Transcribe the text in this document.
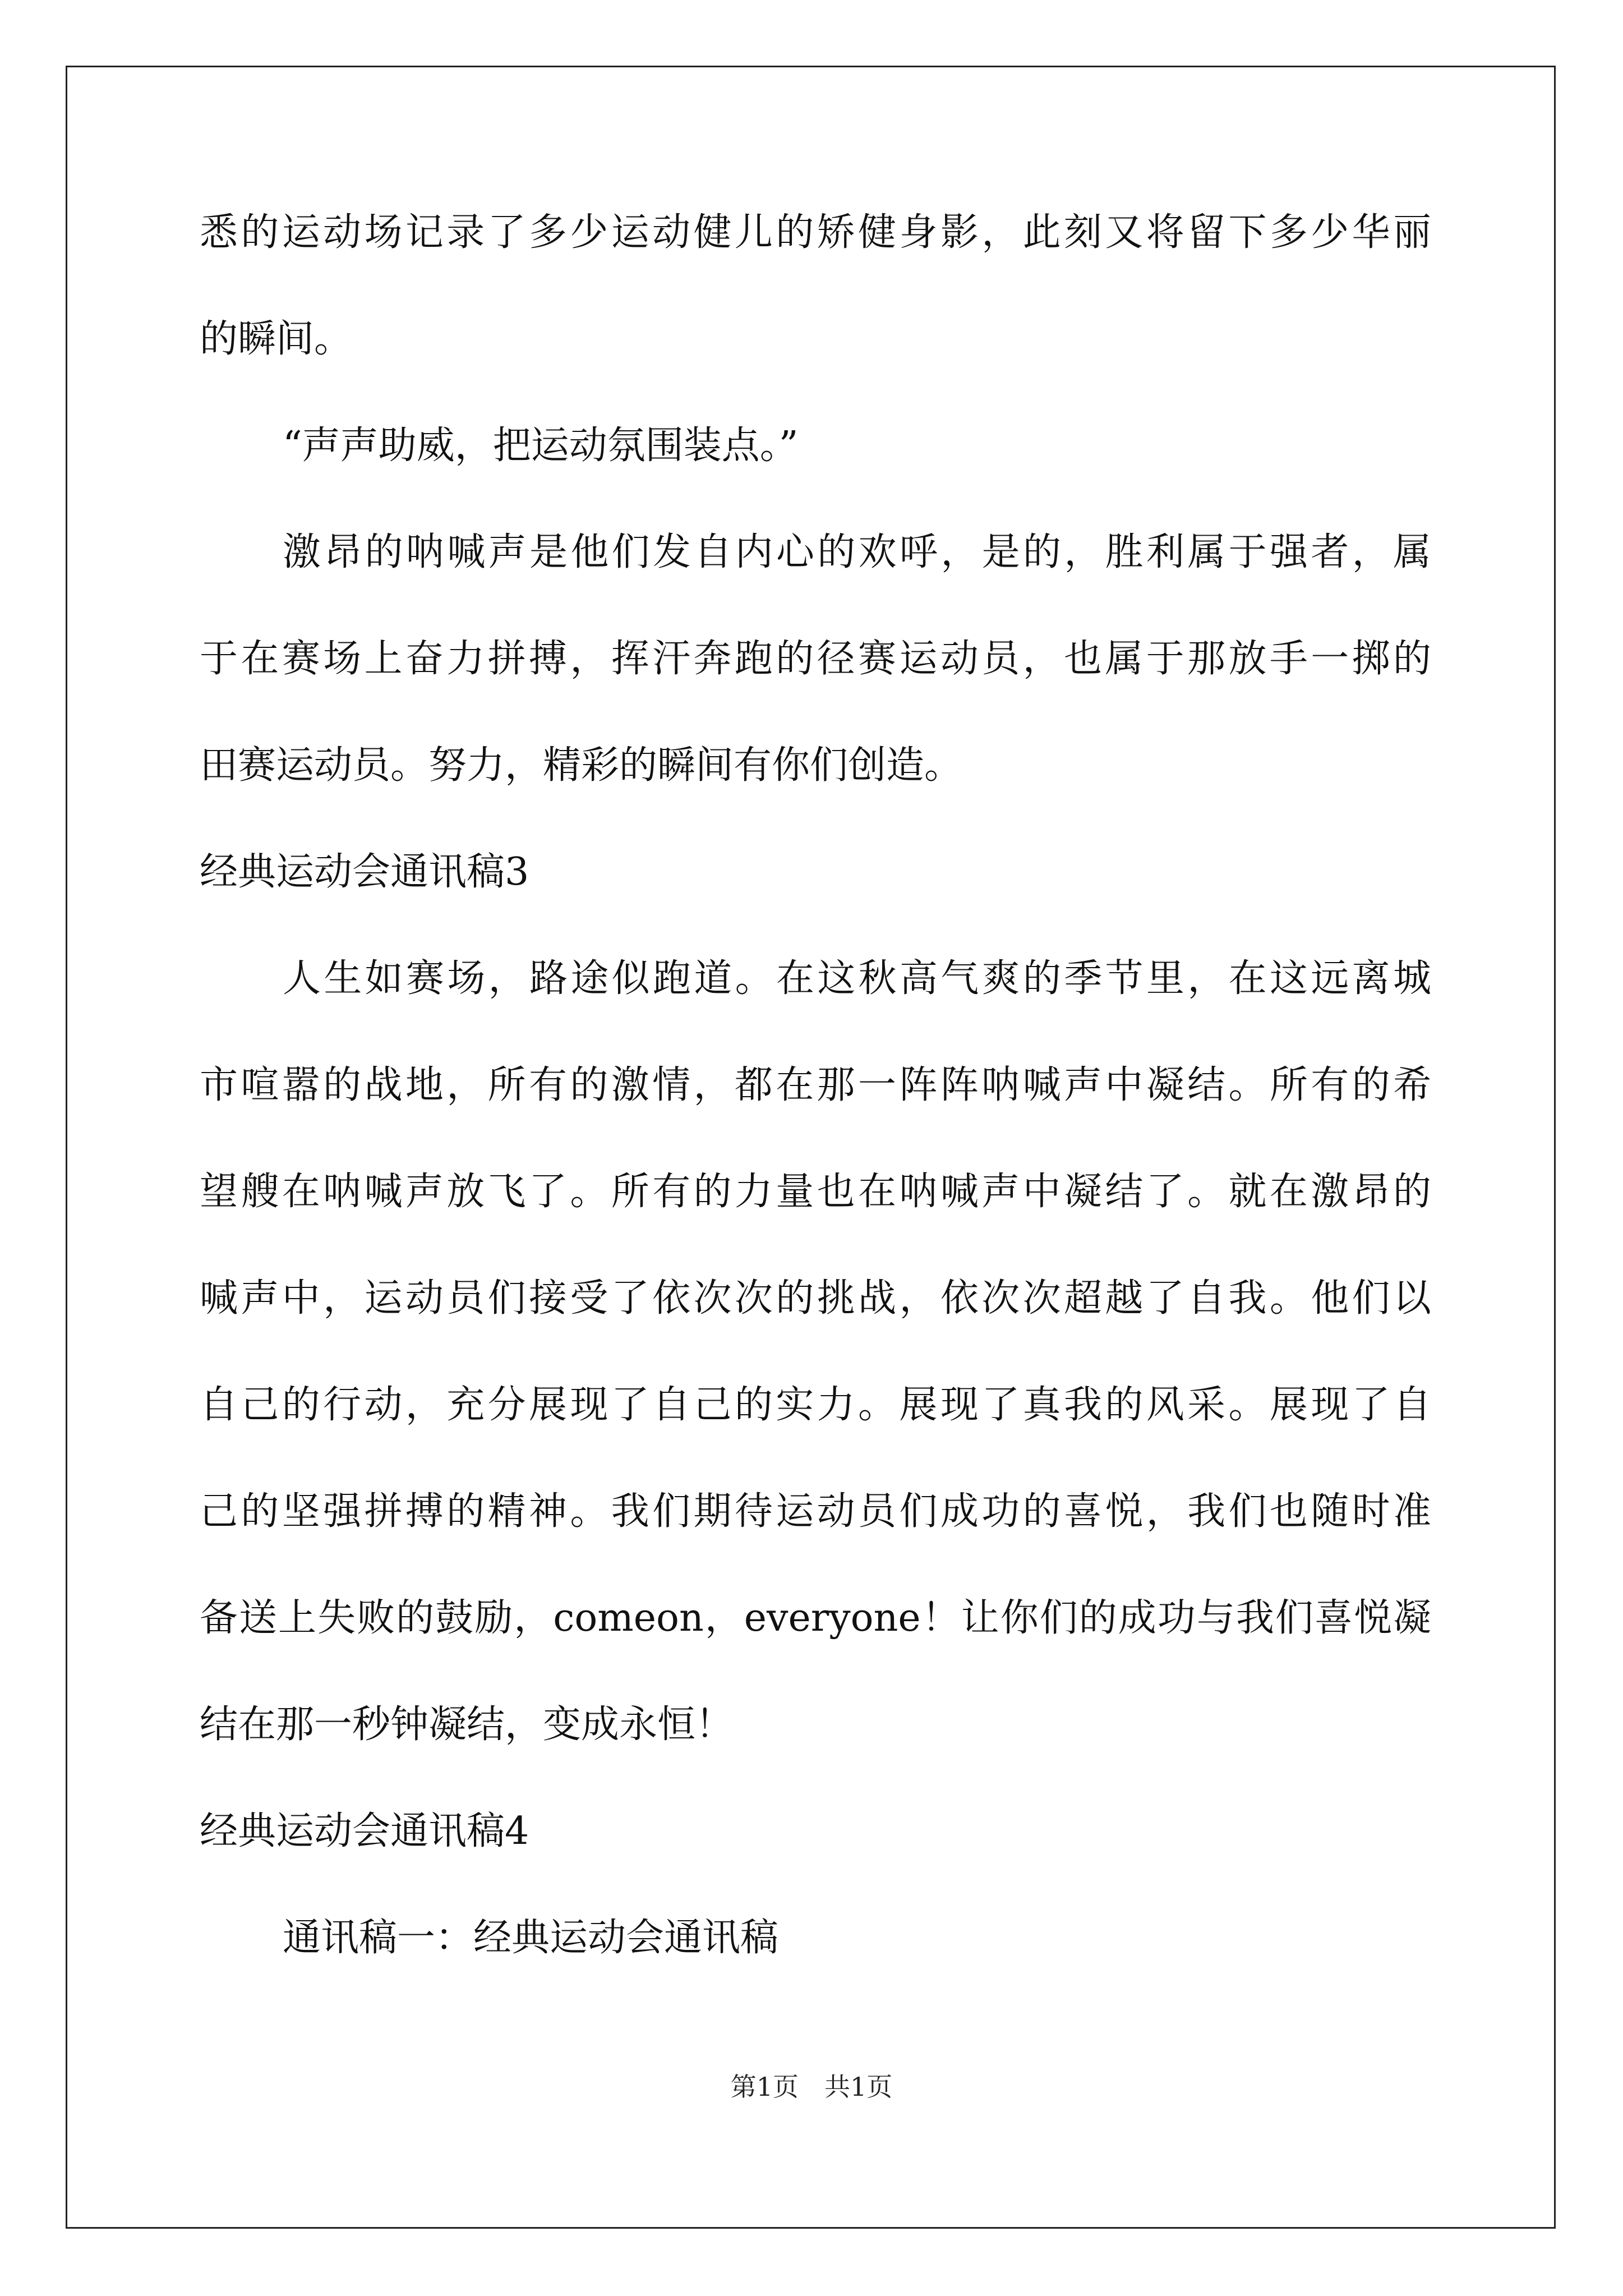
悉的运动场记录了多少运动健儿的矫健身影，此刻又将留下多少华丽
的瞬间。
“声声助威，把运动氛围装点。”
激昂的呐喊声是他们发自内心的欢呼，是的，胜利属于强者，属
于在赛场上奋力拼搏，挥汗奔跑的径赛运动员，也属于那放手一掷的
田赛运动员。努力，精彩的瞬间有你们创造。
经典运动会通讯稿3
人生如赛场，路途似跑道。在这秋高气爽的季节里，在这远离城
市喧嚣的战地，所有的激情，都在那一阵阵呐喊声中凝结。所有的希
望艘在呐喊声放飞了。所有的力量也在呐喊声中凝结了。就在激昂的
喊声中，运动员们接受了依次次的挑战，依次次超越了自我。他们以
自己的行动，充分展现了自己的实力。展现了真我的风采。展现了自
己的坚强拼搏的精神。我们期待运动员们成功的喜悦，我们也随时准
备送上失败的鼓励，comeon，everyone！让你们的成功与我们喜悦凝
结在那一秒钟凝结，变成永恒！
经典运动会通讯稿4
通讯稿一：经典运动会通讯稿
第1页　共1页
